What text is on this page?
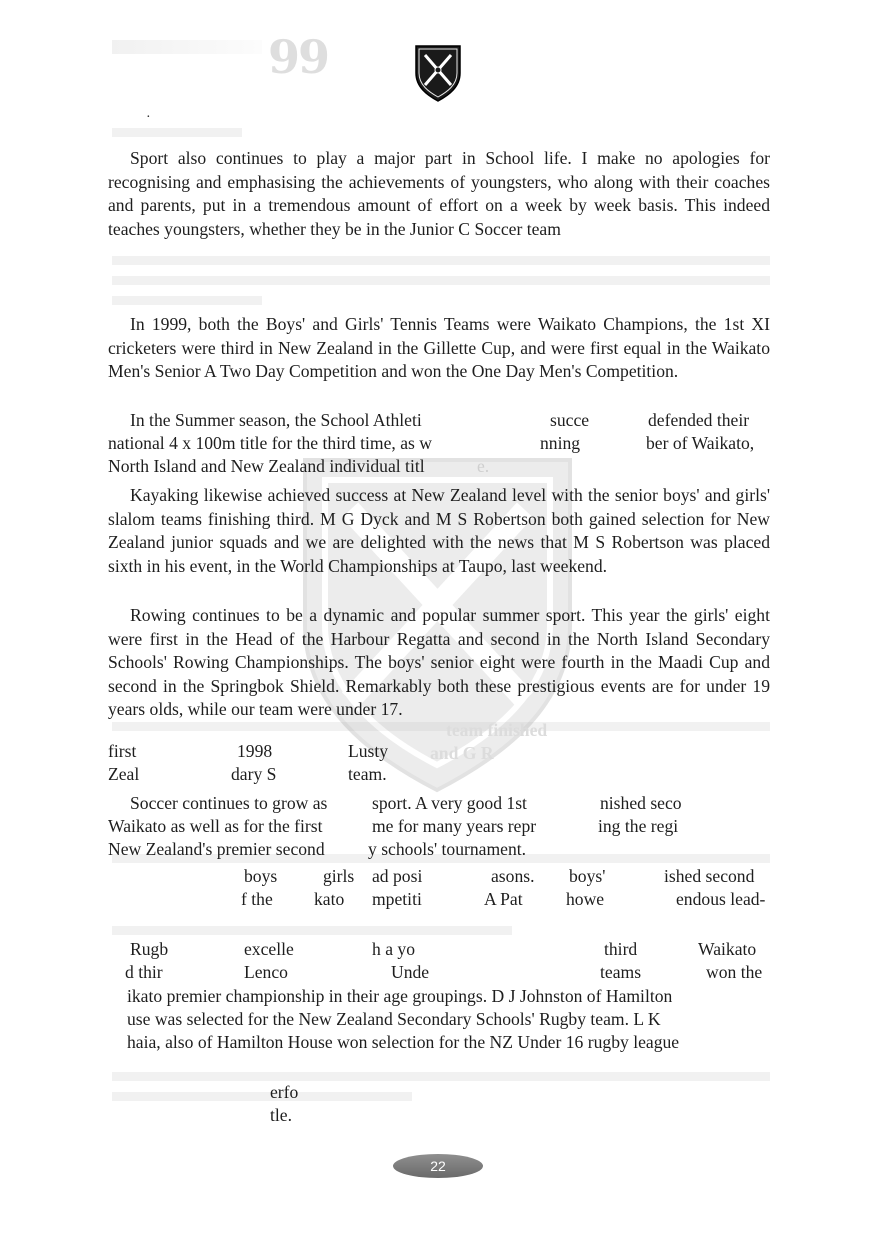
99
·

Sport also continues to play a major part in School life. I make no apologies for recognising and emphasising the achievements of youngsters, who along with their coaches and parents, put in a tremendous amount of effort on a week by week basis. This indeed teaches youngsters, whether they be in the Junior C Soccer team

In 1999, both the Boys' and Girls' Tennis Teams were Waikato Champions, the 1st XI cricketers were third in New Zealand in the Gillette Cup, and were first equal in the Waikato Men's Senior A Two Day Competition and won the One Day Men's Competition.

In the Summer season, the School Athleti	succe	defended their
national 4 x 100m title for the third time, as w	nning	ber of Waikato,
North Island and New Zealand individual titl	e.

Kayaking likewise achieved success at New Zealand level with the senior boys' and girls' slalom teams finishing third. M G Dyck and M S Robertson both gained selection for New Zealand junior squads and we are delighted with the news that M S Robertson was placed sixth in his event, in the World Championships at Taupo, last weekend.

Rowing continues to be a dynamic and popular summer sport. This year the girls' eight were first in the Head of the Harbour Regatta and second in the North Island Secondary Schools' Rowing Championships. The boys' senior eight were fourth in the Maadi Cup and second in the Springbok Shield. Remarkably both these prestigious events are for under 19 years olds, while our team were under 17.

team finished
and G R
first	1998	Lusty
Zeal	dary S	team.
Soccer continues to grow as	sport. A very good 1st	nished seco
Waikato as well as for the first	me for many years repr	ing the regi
New Zealand's premier second y schools' tournament.
boys	girls ad posi	asons. boys'	ished second
f the kato mpetiti	A Pat howe	endous lead-
Rugb	excelle	h a yo	third	Waikato
d thir	Lenco	Unde	teams	won the
ikato premier championship in their age groupings. D J Johnston of Hamilton
use was selected for the New Zealand Secondary Schools' Rugby team. L K
haia, also of Hamilton House won selection for the NZ Under 16 rugby league
erfo
tle.
22
